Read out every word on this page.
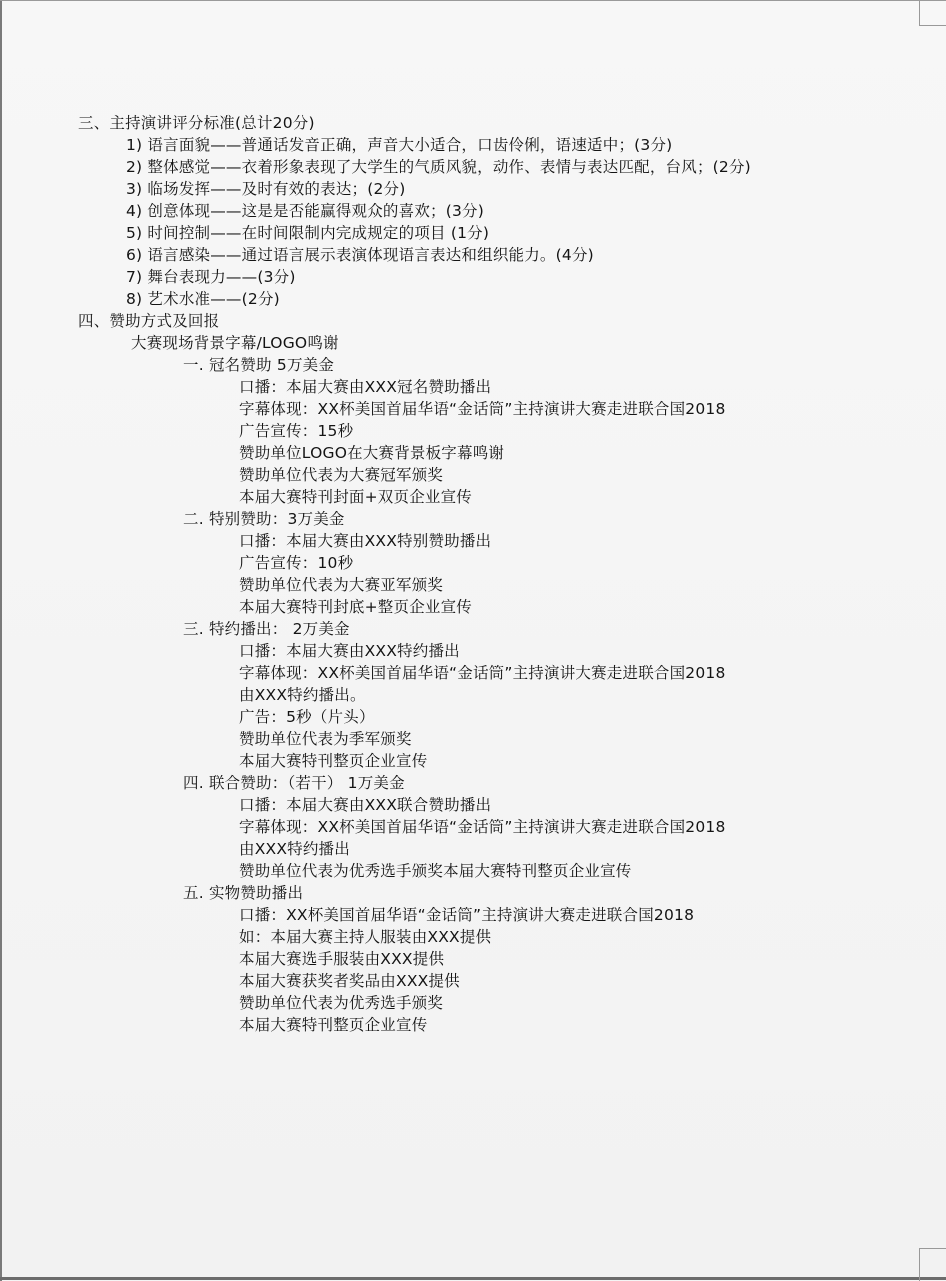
三、主持演讲评分标准(总计20分)
1) 语言面貌——普通话发音正确，声音大小适合，口齿伶俐，语速适中；(3分)
2) 整体感觉——衣着形象表现了大学生的气质风貌，动作、表情与表达匹配，台风；(2分)
3) 临场发挥——及时有效的表达；(2分)
4) 创意体现——这是是否能赢得观众的喜欢；(3分)
5) 时间控制——在时间限制内完成规定的项目 (1分)
6) 语言感染——通过语言展示表演体现语言表达和组织能力。(4分)
7) 舞台表现力——(3分)
8) 艺术水准——(2分)
四、赞助方式及回报
大赛现场背景字幕/LOGO鸣谢
一. 冠名赞助 5万美金
口播：本届大赛由XXX冠名赞助播出
字幕体现：XX杯美国首届华语“金话筒”主持演讲大赛走进联合国2018
广告宣传：15秒
赞助单位LOGO在大赛背景板字幕鸣谢
赞助单位代表为大赛冠军颁奖
本届大赛特刊封面+双页企业宣传
二. 特别赞助：3万美金
口播：本届大赛由XXX特别赞助播出
广告宣传：10秒
赞助单位代表为大赛亚军颁奖
本届大赛特刊封底+整页企业宣传
三. 特约播出： 2万美金
口播：本届大赛由XXX特约播出
字幕体现：XX杯美国首届华语“金话筒”主持演讲大赛走进联合国2018
由XXX特约播出。
广告：5秒（片头）
赞助单位代表为季军颁奖
本届大赛特刊整页企业宣传
四. 联合赞助：（若干） 1万美金
口播：本届大赛由XXX联合赞助播出
字幕体现：XX杯美国首届华语“金话筒”主持演讲大赛走进联合国2018
由XXX特约播出
赞助单位代表为优秀选手颁奖本届大赛特刊整页企业宣传
五. 实物赞助播出
口播：XX杯美国首届华语“金话筒”主持演讲大赛走进联合国2018
如：本届大赛主持人服装由XXX提供
本届大赛选手服装由XXX提供
本届大赛获奖者奖品由XXX提供
赞助单位代表为优秀选手颁奖
本届大赛特刊整页企业宣传
